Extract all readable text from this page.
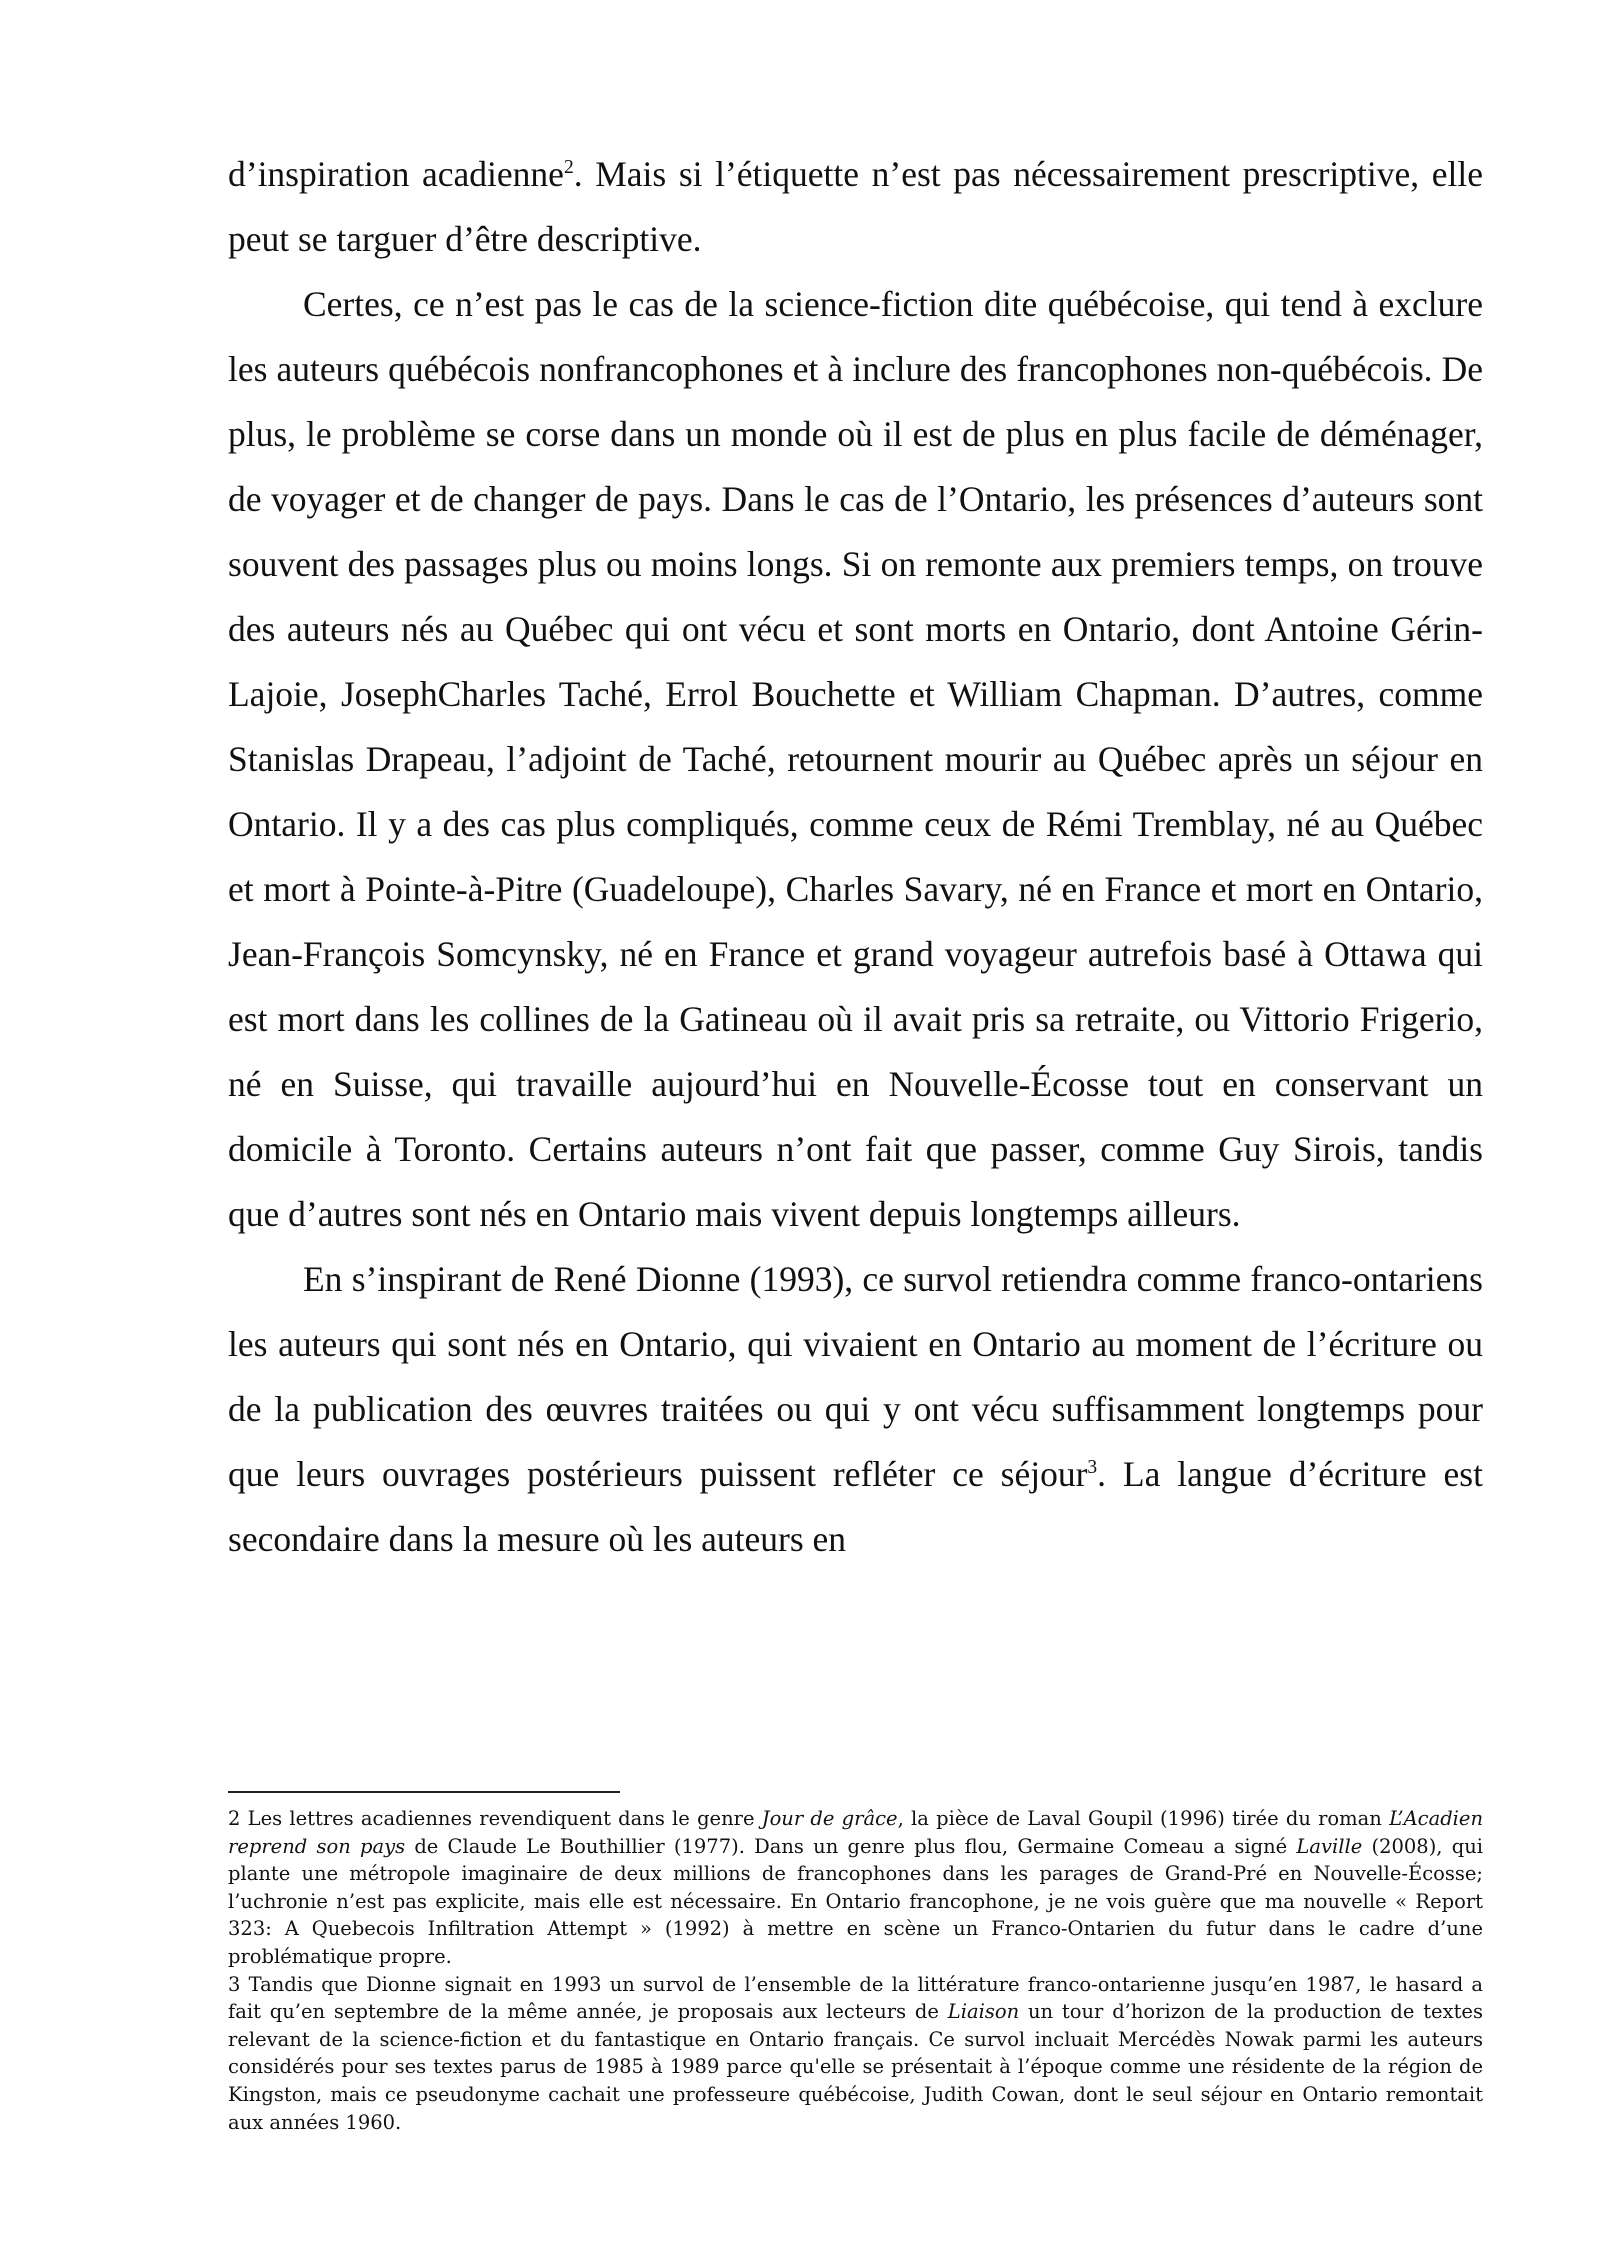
d’inspiration acadienne$^2$. Mais si l’étiquette n’est pas nécessairement prescriptive, elle peut se targuer d’être descriptive.

Certes, ce n’est pas le cas de la science-fiction dite québécoise, qui tend à exclure les auteurs québécois nonfrancophones et à inclure des francophones non-québécois. De plus, le problème se corse dans un monde où il est de plus en plus facile de déménager, de voyager et de changer de pays. Dans le cas de l’Ontario, les présences d’auteurs sont souvent des passages plus ou moins longs. Si on remonte aux premiers temps, on trouve des auteurs nés au Québec qui ont vécu et sont morts en Ontario, dont Antoine Gérin-Lajoie, JosephCharles Taché, Errol Bouchette et William Chapman. D’autres, comme Stanislas Drapeau, l’adjoint de Taché, retournent mourir au Québec après un séjour en Ontario. Il y a des cas plus compliqués, comme ceux de Rémi Tremblay, né au Québec et mort à Pointe-à-Pitre (Guadeloupe), Charles Savary, né en France et mort en Ontario, Jean-François Somcynsky, né en France et grand voyageur autrefois basé à Ottawa qui est mort dans les collines de la Gatineau où il avait pris sa retraite, ou Vittorio Frigerio, né en Suisse, qui travaille aujourd’hui en Nouvelle-Écosse tout en conservant un domicile à Toronto. Certains auteurs n’ont fait que passer, comme Guy Sirois, tandis que d’autres sont nés en Ontario mais vivent depuis longtemps ailleurs.

En s’inspirant de René Dionne (1993), ce survol retiendra comme franco-ontariens les auteurs qui sont nés en Ontario, qui vivaient en Ontario au moment de l’écriture ou de la publication des œuvres traitées ou qui y ont vécu suffisamment longtemps pour que leurs ouvrages postérieurs puissent refléter ce séjour$^3$. La langue d’écriture est secondaire dans la mesure où les auteurs en

2 Les lettres acadiennes revendiquent dans le genre Jour de grâce, la pièce de Laval Goupil (1996) tirée du roman L’Acadien reprend son pays de Claude Le Bouthillier (1977). Dans un genre plus flou, Germaine Comeau a signé Laville (2008), qui plante une métropole imaginaire de deux millions de francophones dans les parages de Grand-Pré en Nouvelle-Écosse; l’uchronie n’est pas explicite, mais elle est nécessaire. En Ontario francophone, je ne vois guère que ma nouvelle « Report 323: A Quebecois Infiltration Attempt » (1992) à mettre en scène un Franco-Ontarien du futur dans le cadre d’une problématique propre.

3 Tandis que Dionne signait en 1993 un survol de l’ensemble de la littérature franco-ontarienne jusqu’en 1987, le hasard a fait qu’en septembre de la même année, je proposais aux lecteurs de Liaison un tour d’horizon de la production de textes relevant de la science-fiction et du fantastique en Ontario français. Ce survol incluait Mercédès Nowak parmi les auteurs considérés pour ses textes parus de 1985 à 1989 parce qu'elle se présentait à l’époque comme une résidente de la région de Kingston, mais ce pseudonyme cachait une professeure québécoise, Judith Cowan, dont le seul séjour en Ontario remontait aux années 1960.
